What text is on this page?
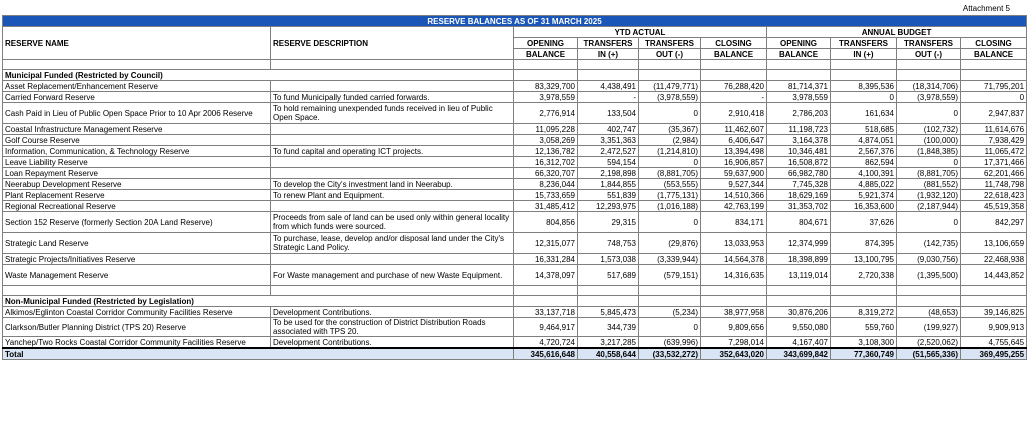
Attachment 5
RESERVE BALANCES AS OF 31 MARCH 2025									
RESERVE NAME	RESERVE DESCRIPTION	YTD ACTUAL				ANNUAL BUDGET			
		OPENING	TRANSFERS	TRANSFERS	CLOSING	OPENING	TRANSFERS	TRANSFERS	CLOSING
		BALANCE	IN (+)	OUT (-)	BALANCE	BALANCE	IN (+)	OUT (-)	BALANCE

Municipal Funded (Restricted by Council)									
Asset Replacement/Enhancement Reserve		83,329,700	4,438,491	(11,479,771)	76,288,420	81,714,371	8,395,536	(18,314,706)	71,795,201
Carried Forward Reserve	To fund Municipally funded carried forwards.	3,978,559	-	(3,978,559)	-	3,978,559	0	(3,978,559)	0
Cash Paid in Lieu of Public Open Space Prior to 10 Apr 2006 Reserve	To hold remaining unexpended funds received in lieu of Public Open Space.	2,776,914	133,504	0	2,910,418	2,786,203	161,634	0	2,947,837
Coastal Infrastructure Management Reserve		11,095,228	402,747	(35,367)	11,462,607	11,198,723	518,685	(102,732)	11,614,676
Golf Course Reserve		3,058,269	3,351,363	(2,984)	6,406,647	3,164,378	4,874,051	(100,000)	7,938,429
Information, Communication, & Technology Reserve	To fund capital and operating ICT projects.	12,136,782	2,472,527	(1,214,810)	13,394,498	10,346,481	2,567,376	(1,848,385)	11,065,472
Leave Liability Reserve		16,312,702	594,154	0	16,906,857	16,508,872	862,594	0	17,371,466
Loan Repayment Reserve		66,320,707	2,198,898	(8,881,705)	59,637,900	66,982,780	4,100,391	(8,881,705)	62,201,466
Neerabup Development Reserve	To develop the City's investment land in Neerabup.	8,236,044	1,844,855	(553,555)	9,527,344	7,745,328	4,885,022	(881,552)	11,748,798
Plant Replacement Reserve	To renew Plant and Equipment.	15,733,659	551,839	(1,775,131)	14,510,366	18,629,169	5,921,374	(1,932,120)	22,618,423
Regional Recreational Reserve		31,485,412	12,293,975	(1,016,188)	42,763,199	31,353,702	16,353,600	(2,187,944)	45,519,358
Section 152 Reserve (formerly Section 20A Land Reserve)	Proceeds from sale of land can be used only within general locality from which funds were sourced.	804,856	29,315	0	834,171	804,671	37,626	0	842,297
Strategic Land Reserve	To purchase, lease, develop and/or disposal land under the City's Strategic Land Policy.	12,315,077	748,753	(29,876)	13,033,953	12,374,999	874,395	(142,735)	13,106,659
Strategic Projects/Initiatives Reserve		16,331,284	1,573,038	(3,339,944)	14,564,378	18,398,899	13,100,795	(9,030,756)	22,468,938
Waste Management Reserve	For Waste management and purchase of new Waste Equipment.	14,378,097	517,689	(579,151)	14,316,635	13,119,014	2,720,338	(1,395,500)	14,443,852

Non-Municipal Funded (Restricted by Legislation)									
Alkimos/Eglinton Coastal Corridor Community Facilities Reserve	Development Contributions.	33,137,718	5,845,473	(5,234)	38,977,958	30,876,206	8,319,272	(48,653)	39,146,825
Clarkson/Butler Planning District (TPS 20) Reserve	To be used for the construction of District Distribution Roads associated with TPS 20.	9,464,917	344,739	0	9,809,656	9,550,080	559,760	(199,927)	9,909,913
Yanchep/Two Rocks Coastal Corridor Community Facilities Reserve	Development Contributions.	4,720,724	3,217,285	(639,996)	7,298,014	4,167,407	3,108,300	(2,520,062)	4,755,645
Total		345,616,648	40,558,644	(33,532,272)	352,643,020	343,699,842	77,360,749	(51,565,336)	369,495,255
